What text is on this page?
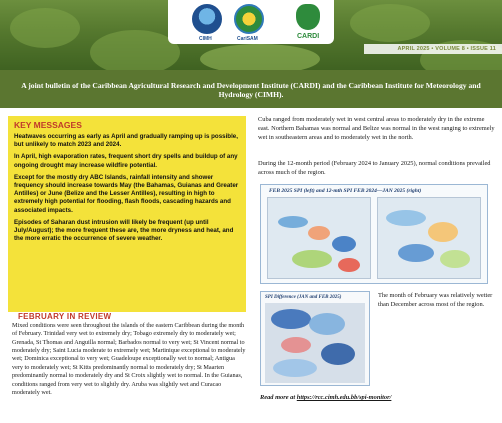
CIMH	CariSAM	CARDI
APRIL 2025 • VOLUME 8 • ISSUE 11
A joint bulletin of the Caribbean Agricultural Research and Development Institute (CARDI) and the Caribbean Institute for Meteorology and Hydrology (CIMH).
KEY MESSAGES

Heatwaves occurring as early as April and gradually ramping up is possible, but unlikely to match 2023 and 2024.

In April, high evaporation rates, frequent short dry spells and buildup of any ongoing drought may increase wildfire potential.

Except for the mostly dry ABC Islands, rainfall intensity and shower frequency should increase towards May (the Bahamas, Guianas and Greater Antilles) or June (Belize and the Lesser Antilles), resulting in high to extremely high potential for flooding, flash floods, cascading hazards and associated impacts.

Episodes of Saharan dust intrusion will likely be frequent (up until July/August); the more frequent these are, the more dryness and heat, and the more erratic the occurrence of severe weather.

FEBRUARY IN REVIEW
Mixed conditions were seen throughout the islands of the eastern Caribbean during the month of February. Trinidad very wet to extremely dry; Tobago extremely dry to moderately wet; Grenada, St Thomas and Anguilla normal; Barbados normal to very wet; St Vincent normal to moderately dry; Saint Lucia moderate to extremely wet; Martinique exceptional to moderately wet; Dominica exceptional to very wet; Guadeloupe exceptionally wet to normal; Antigua very to moderately wet; St Kitts predominantly normal to moderately dry; St Maarten predominantly normal to moderately dry and St Croix slightly wet to normal. In the Guianas, conditions ranged from very wet to slightly dry. Aruba was slightly wet and Curacao moderately wet.
Cuba ranged from moderately wet in west central areas to moderately dry in the extreme east. Northern Bahamas was normal and Belize was normal in the west ranging to extremely wet in southeastern areas and to moderately wet in the north.
During the 12-month period (February 2024 to January 2025), normal conditions prevailed across much of the region.
FEB 2025 SPI (left) and 12-mth SPI FEB 2024—JAN 2025 (right)
SPI Difference (JAN and FEB 2025)	The month of February was relatively wetter than December across most of the region.
Read more at https://rcc.cimh.edu.bb/spi-monitor/
